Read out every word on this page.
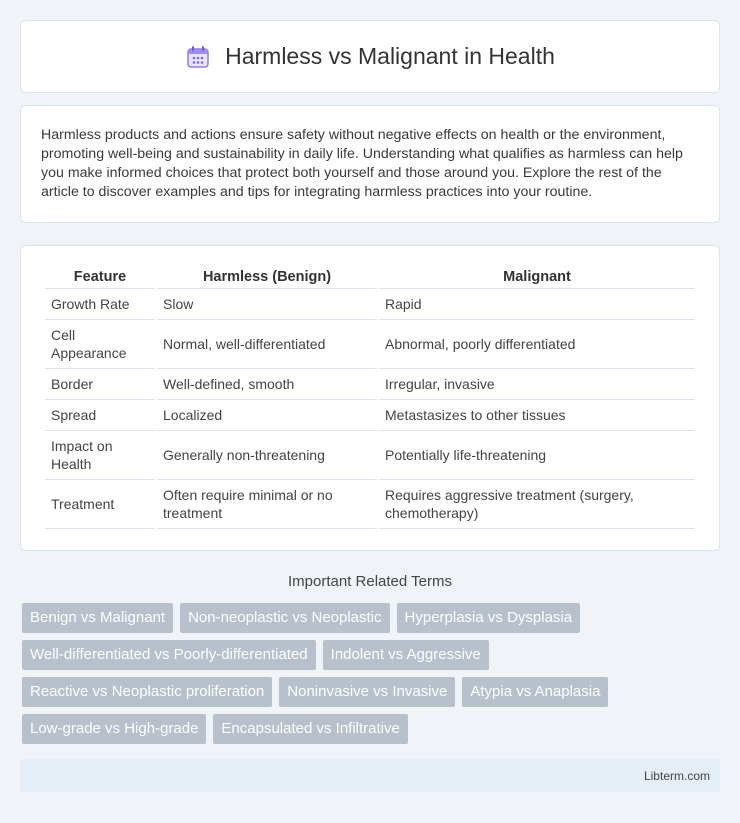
Harmless vs Malignant in Health

Harmless products and actions ensure safety without negative effects on health or the environment, promoting well-being and sustainability in daily life. Understanding what qualifies as harmless can help you make informed choices that protect both yourself and those around you. Explore the rest of the article to discover examples and tips for integrating harmless practices into your routine.

Feature	Harmless (Benign)	Malignant
Growth Rate	Slow	Rapid
Cell Appearance	Normal, well-differentiated	Abnormal, poorly differentiated
Border	Well-defined, smooth	Irregular, invasive
Spread	Localized	Metastasizes to other tissues
Impact on Health	Generally non-threatening	Potentially life-threatening
Treatment	Often require minimal or no treatment	Requires aggressive treatment (surgery, chemotherapy)
Important Related Terms
Benign vs Malignant	Non-neoplastic vs Neoplastic	Hyperplasia vs Dysplasia
Well-differentiated vs Poorly-differentiated	Indolent vs Aggressive
Reactive vs Neoplastic proliferation	Noninvasive vs Invasive	Atypia vs Anaplasia
Low-grade vs High-grade	Encapsulated vs Infiltrative
Libterm.com
